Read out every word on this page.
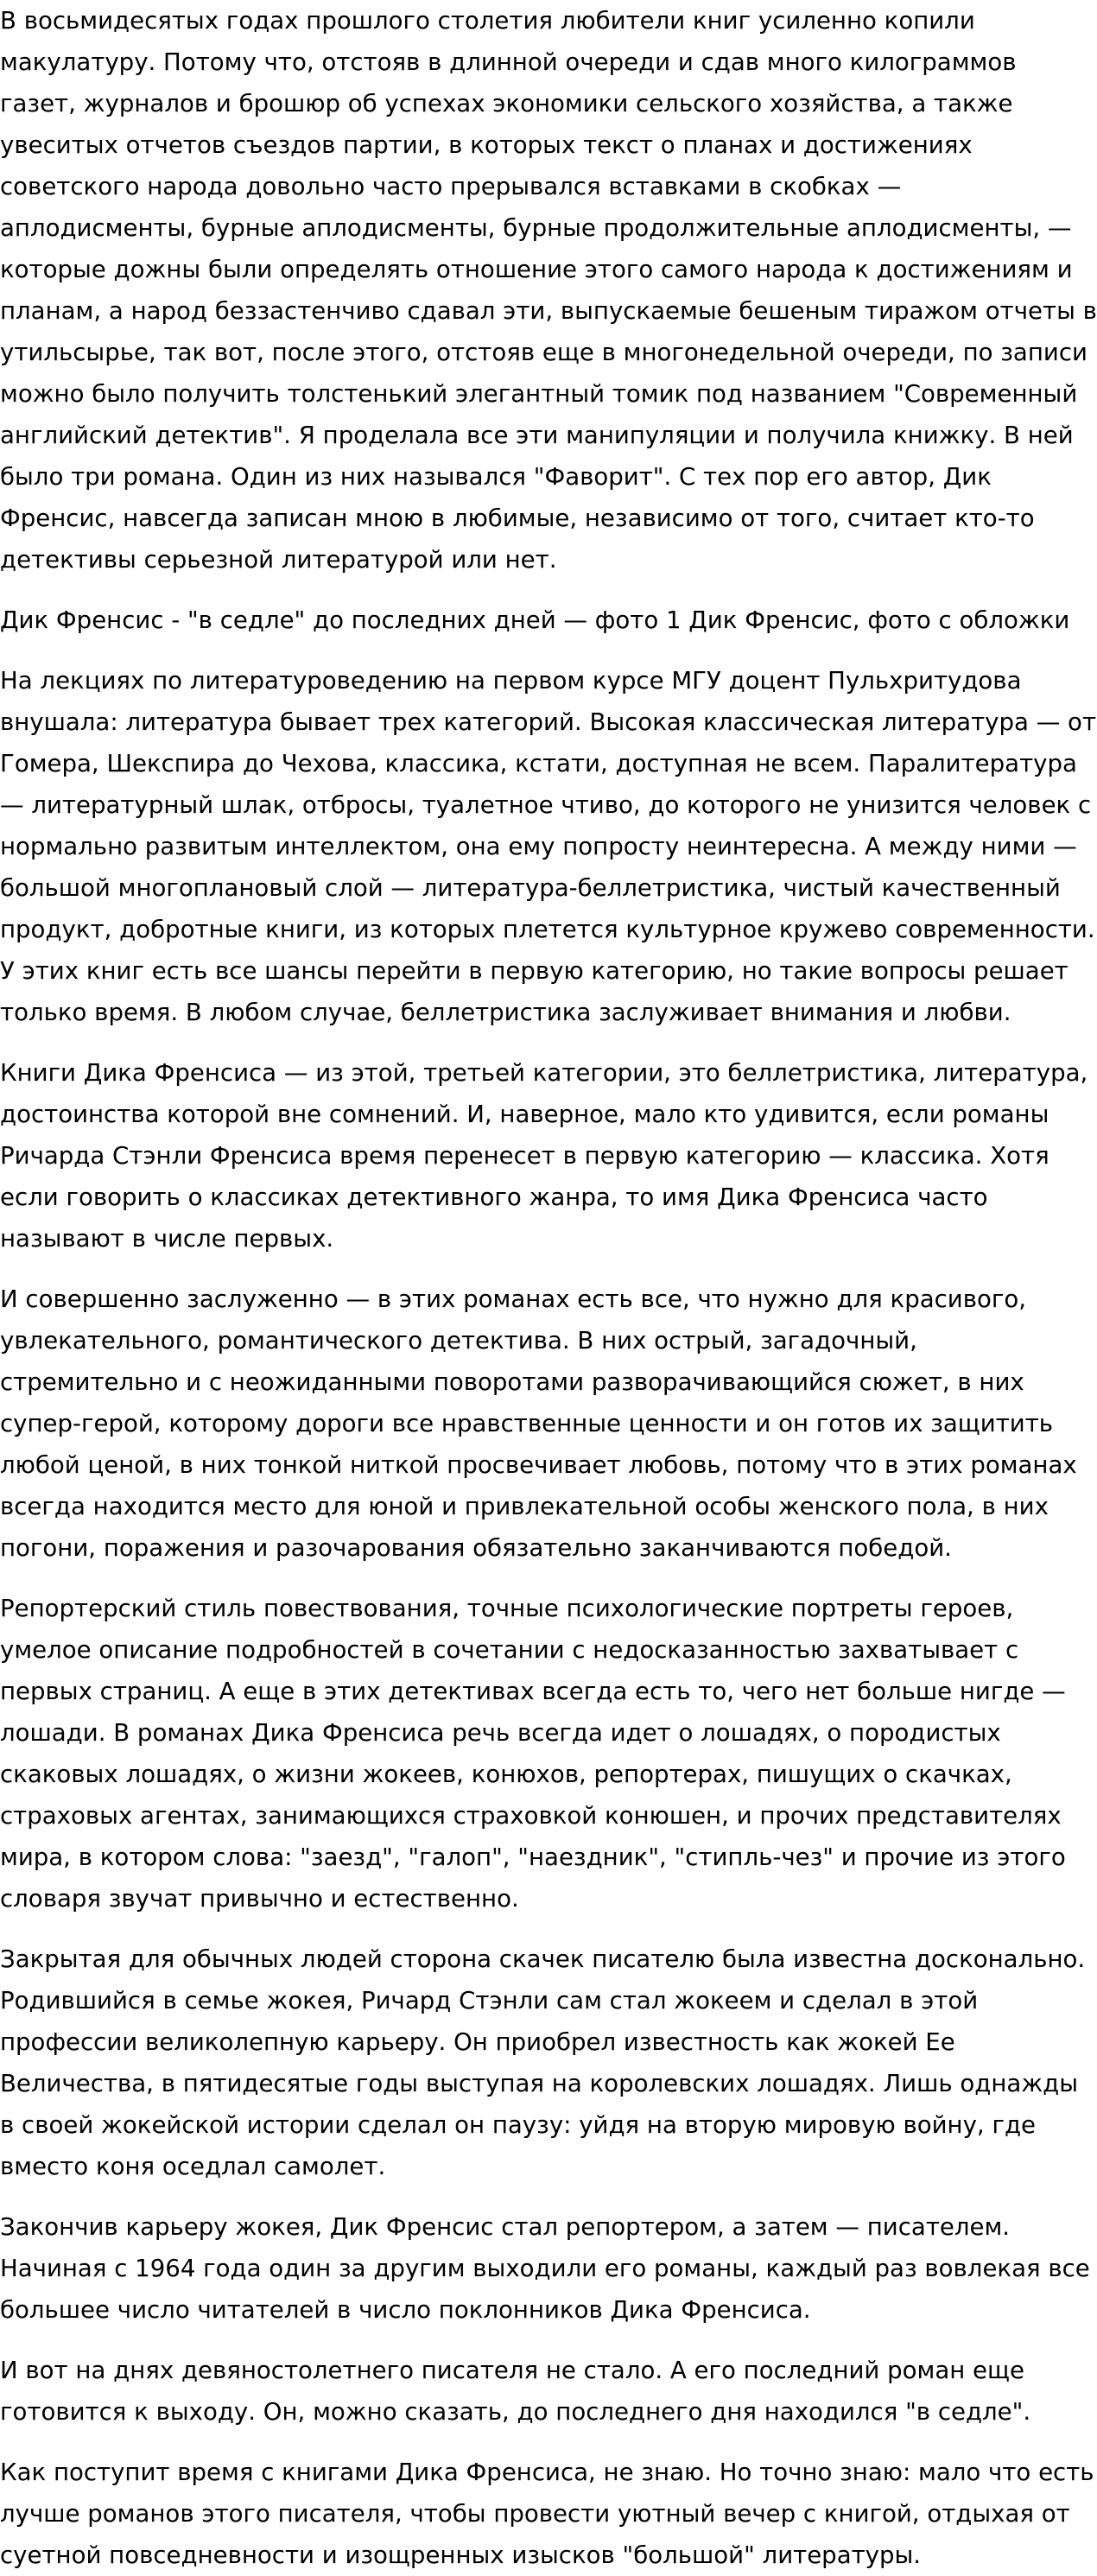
В восьмидесятых годах прошлого столетия любители книг усиленно копили макулатуру. Потому что, отстояв в длинной очереди и сдав много килограммов газет, журналов и брошюр об успехах экономики сельского хозяйства, а также увеситых отчетов съездов партии, в которых текст о планах и достижениях советского народа довольно часто прерывался вставками в скобках — аплодисменты, бурные аплодисменты, бурные продолжительные аплодисменты, — которые дожны были определять отношение этого самого народа к достижениям и планам, а народ беззастенчиво сдавал эти, выпускаемые бешеным тиражом отчеты в утильсырье, так вот, после этого, отстояв еще в многонедельной очереди, по записи можно было получить толстенький элегантный томик под названием "Современный английский детектив". Я проделала все эти манипуляции и получила книжку. В ней было три романа. Один из них назывался "Фаворит". С тех пор его автор, Дик Френсис, навсегда записан мною в любимые, независимо от того, считает кто-то детективы серьезной литературой или нет.

Дик Френсис - "в седле" до последних дней — фото 1 Дик Френсис, фото с обложки

На лекциях по литературоведению на первом курсе МГУ доцент Пульхритудова внушала: литература бывает трех категорий. Высокая классическая литература — от Гомера, Шекспира до Чехова, классика, кстати, доступная не всем. Паралитература — литературный шлак, отбросы, туалетное чтиво, до которого не унизится человек с нормально развитым интеллектом, она ему попросту неинтересна. А между ними — большой многоплановый слой — литература-беллетристика, чистый качественный продукт, добротные книги, из которых плетется культурное кружево современности. У этих книг есть все шансы перейти в первую категорию, но такие вопросы решает только время. В любом случае, беллетристика заслуживает внимания и любви.

Книги Дика Френсиса — из этой, третьей категории, это беллетристика, литература, достоинства которой вне сомнений. И, наверное, мало кто удивится, если романы Ричарда Стэнли Френсиса время перенесет в первую категорию — классика. Хотя если говорить о классиках детективного жанра, то имя Дика Френсиса часто называют в числе первых.

И совершенно заслуженно — в этих романах есть все, что нужно для красивого, увлекательного, романтического детектива. В них острый, загадочный, стремительно и с неожиданными поворотами разворачивающийся сюжет, в них супер-герой, которому дороги все нравственные ценности и он готов их защитить любой ценой, в них тонкой ниткой просвечивает любовь, потому что в этих романах всегда находится место для юной и привлекательной особы женского пола, в них погони, поражения и разочарования обязательно заканчиваются победой.

Репортерский стиль повествования, точные психологические портреты героев, умелое описание подробностей в сочетании с недосказанностью захватывает с первых страниц. А еще в этих детективах всегда есть то, чего нет больше нигде — лошади. В романах Дика Френсиса речь всегда идет о лошадях, о породистых скаковых лошадях, о жизни жокеев, конюхов, репортерах, пишущих о скачках, страховых агентах, занимающихся страховкой конюшен, и прочих представителях мира, в котором слова: "заезд", "галоп", "наездник", "стипль-чез" и прочие из этого словаря звучат привычно и естественно.

Закрытая для обычных людей сторона скачек писателю была известна досконально. Родившийся в семье жокея, Ричард Стэнли сам стал жокеем и сделал в этой профессии великолепную карьеру. Он приобрел известность как жокей Ее Величества, в пятидесятые годы выступая на королевских лошадях. Лишь однажды в своей жокейской истории сделал он паузу: уйдя на вторую мировую войну, где вместо коня оседлал самолет.

Закончив карьеру жокея, Дик Френсис стал репортером, а затем — писателем. Начиная с 1964 года один за другим выходили его романы, каждый раз вовлекая все большее число читателей в число поклонников Дика Френсиса.

И вот на днях девяностолетнего писателя не стало. А его последний роман еще готовится к выходу. Он, можно сказать, до последнего дня находился "в седле".

Как поступит время с книгами Дика Френсиса, не знаю. Но точно знаю: мало что есть лучше романов этого писателя, чтобы провести уютный вечер с книгой, отдыхая от суетной повседневности и изощренных изысков "большой" литературы.
